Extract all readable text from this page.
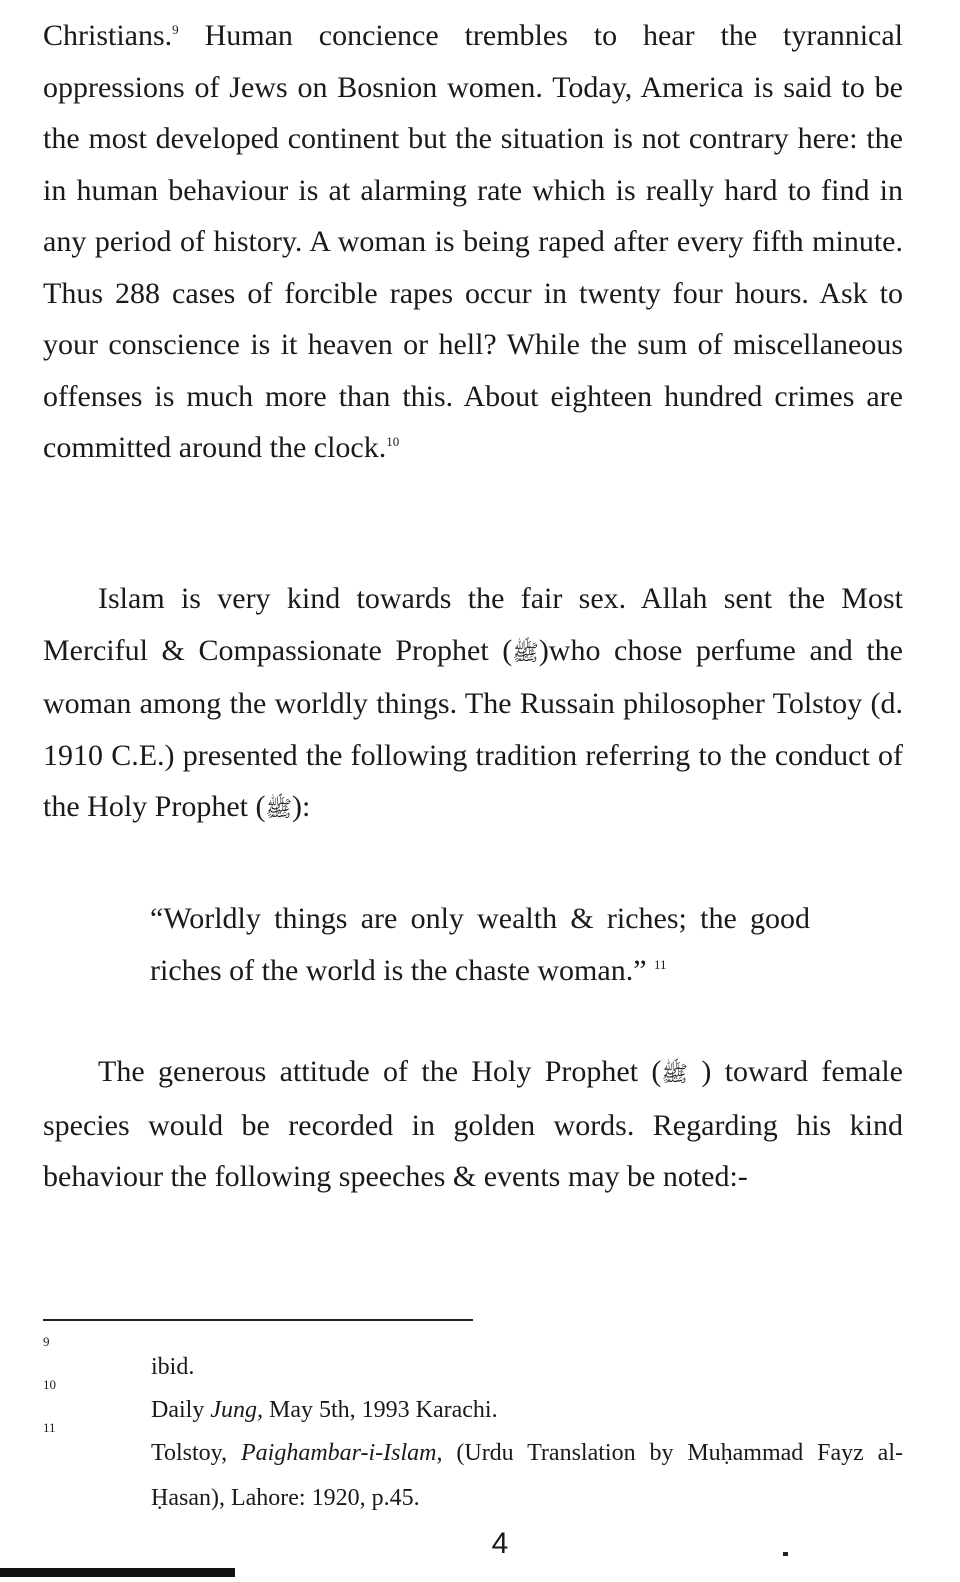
Christians.$^9$ Human concience trembles to hear the tyrannical oppressions of Jews on Bosnion women. Today, America is said to be the most developed continent but the situation is not contrary here: the in human behaviour is at alarming rate which is really hard to find in any period of history. A woman is being raped after every fifth minute. Thus 288 cases of forcible rapes occur in twenty four hours. Ask to your conscience is it heaven or hell? While the sum of miscellaneous offenses is much more than this. About eighteen hundred crimes are committed around the clock.$^{10}$

Islam is very kind towards the fair sex. Allah sent the Most Merciful & Compassionate Prophet (ﷺ)who chose perfume and the woman among the worldly things. The Russain philosopher Tolstoy (d. 1910 C.E.) presented the following tradition referring to the conduct of the Holy Prophet (ﷺ):

“Worldly things are only wealth & riches; the good riches of the world is the chaste woman.” $^{11}$

The generous attitude of the Holy Prophet (ﷺ ) toward female species would be recorded in golden words. Regarding his kind behaviour the following speeches & events may be noted:-

9
ibid.
10
Daily Jung, May 5th, 1993 Karachi.
11
Tolstoy, Paighambar-i-Islam, (Urdu Translation by Muḥammad Fayz al-Ḥasan), Lahore: 1920, p.45.
4
